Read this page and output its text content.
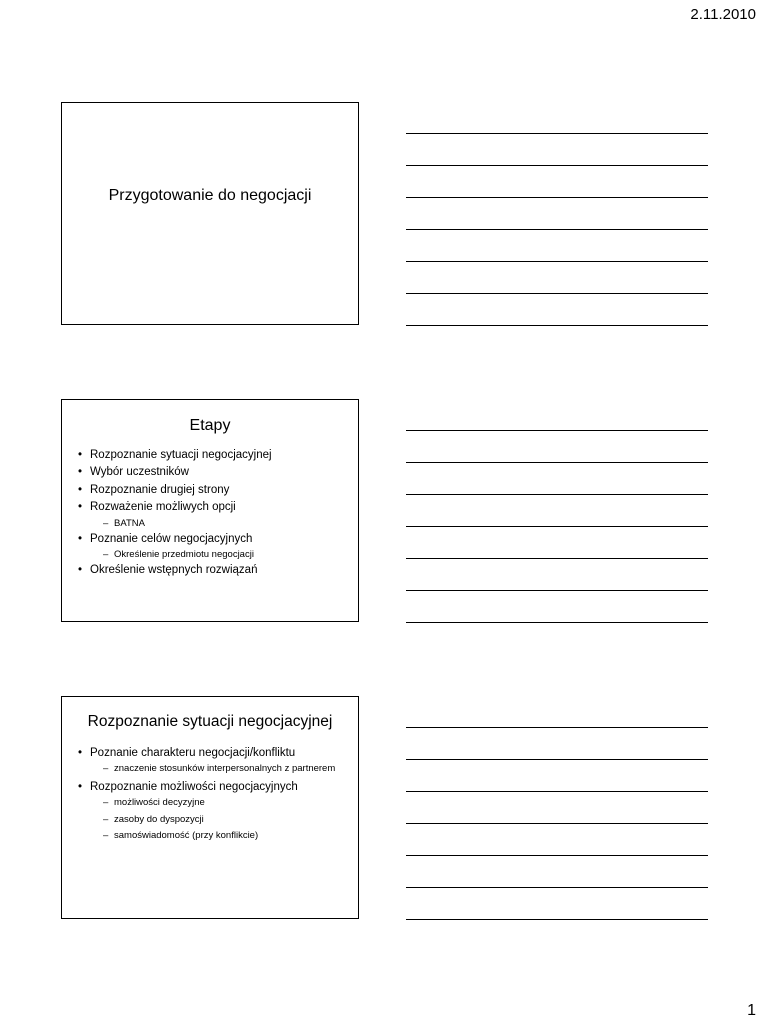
2.11.2010
Przygotowanie do negocjacji
Etapy
• Rozpoznanie sytuacji negocjacyjnej
• Wybór uczestników
• Rozpoznanie drugiej strony
• Rozważenie możliwych opcji
– BATNA
• Poznanie celów negocjacyjnych
– Określenie przedmiotu negocjacji
• Określenie wstępnych rozwiązań
Rozpoznanie sytuacji negocjacyjnej
• Poznanie charakteru negocjacji/konfliktu
– znaczenie stosunków interpersonalnych z partnerem
• Rozpoznanie możliwości negocjacyjnych
– możliwości decyzyjne
– zasoby do dyspozycji
– samoświadomość (przy konflikcie)
1
